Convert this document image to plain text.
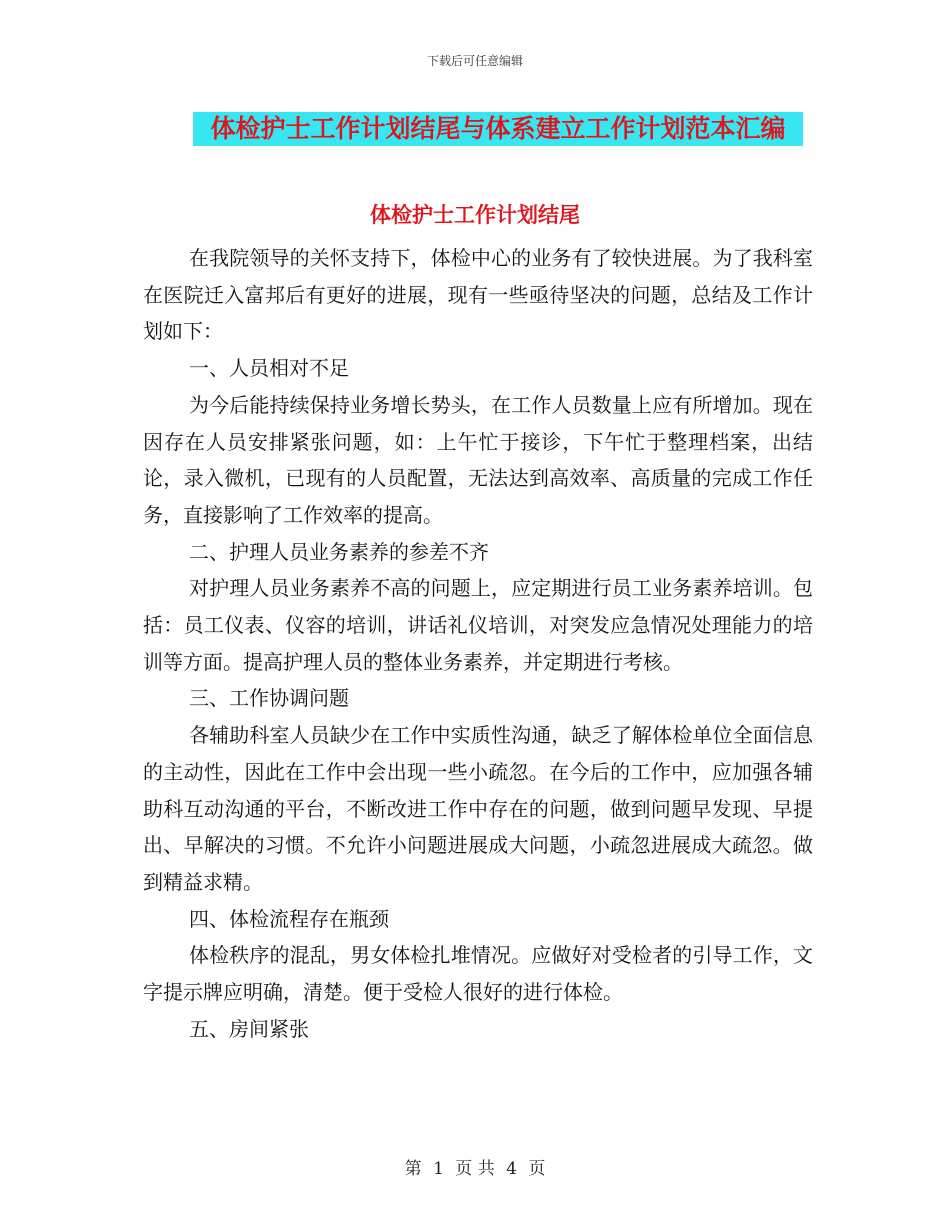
下载后可任意编辑
体检护士工作计划结尾与体系建立工作计划范本汇编
体检护士工作计划结尾

在我院领导的关怀支持下，体检中心的业务有了较快进展。为了我科室在医院迁入富邦后有更好的进展，现有一些亟待坚决的问题，总结及工作计划如下：

一、人员相对不足

为今后能持续保持业务增长势头，在工作人员数量上应有所增加。现在因存在人员安排紧张问题，如：上午忙于接诊，下午忙于整理档案，出结论，录入微机，已现有的人员配置，无法达到高效率、高质量的完成工作任务，直接影响了工作效率的提高。

二、护理人员业务素养的参差不齐

对护理人员业务素养不高的问题上，应定期进行员工业务素养培训。包括：员工仪表、仪容的培训，讲话礼仪培训，对突发应急情况处理能力的培训等方面。提高护理人员的整体业务素养，并定期进行考核。

三、工作协调问题

各辅助科室人员缺少在工作中实质性沟通，缺乏了解体检单位全面信息的主动性，因此在工作中会出现一些小疏忽。在今后的工作中，应加强各辅助科互动沟通的平台，不断改进工作中存在的问题，做到问题早发现、早提出、早解决的习惯。不允许小问题进展成大问题，小疏忽进展成大疏忽。做到精益求精。

四、体检流程存在瓶颈

体检秩序的混乱，男女体检扎堆情况。应做好对受检者的引导工作，文字提示牌应明确，清楚。便于受检人很好的进行体检。

五、房间紧张

第 1 页 共 4 页
